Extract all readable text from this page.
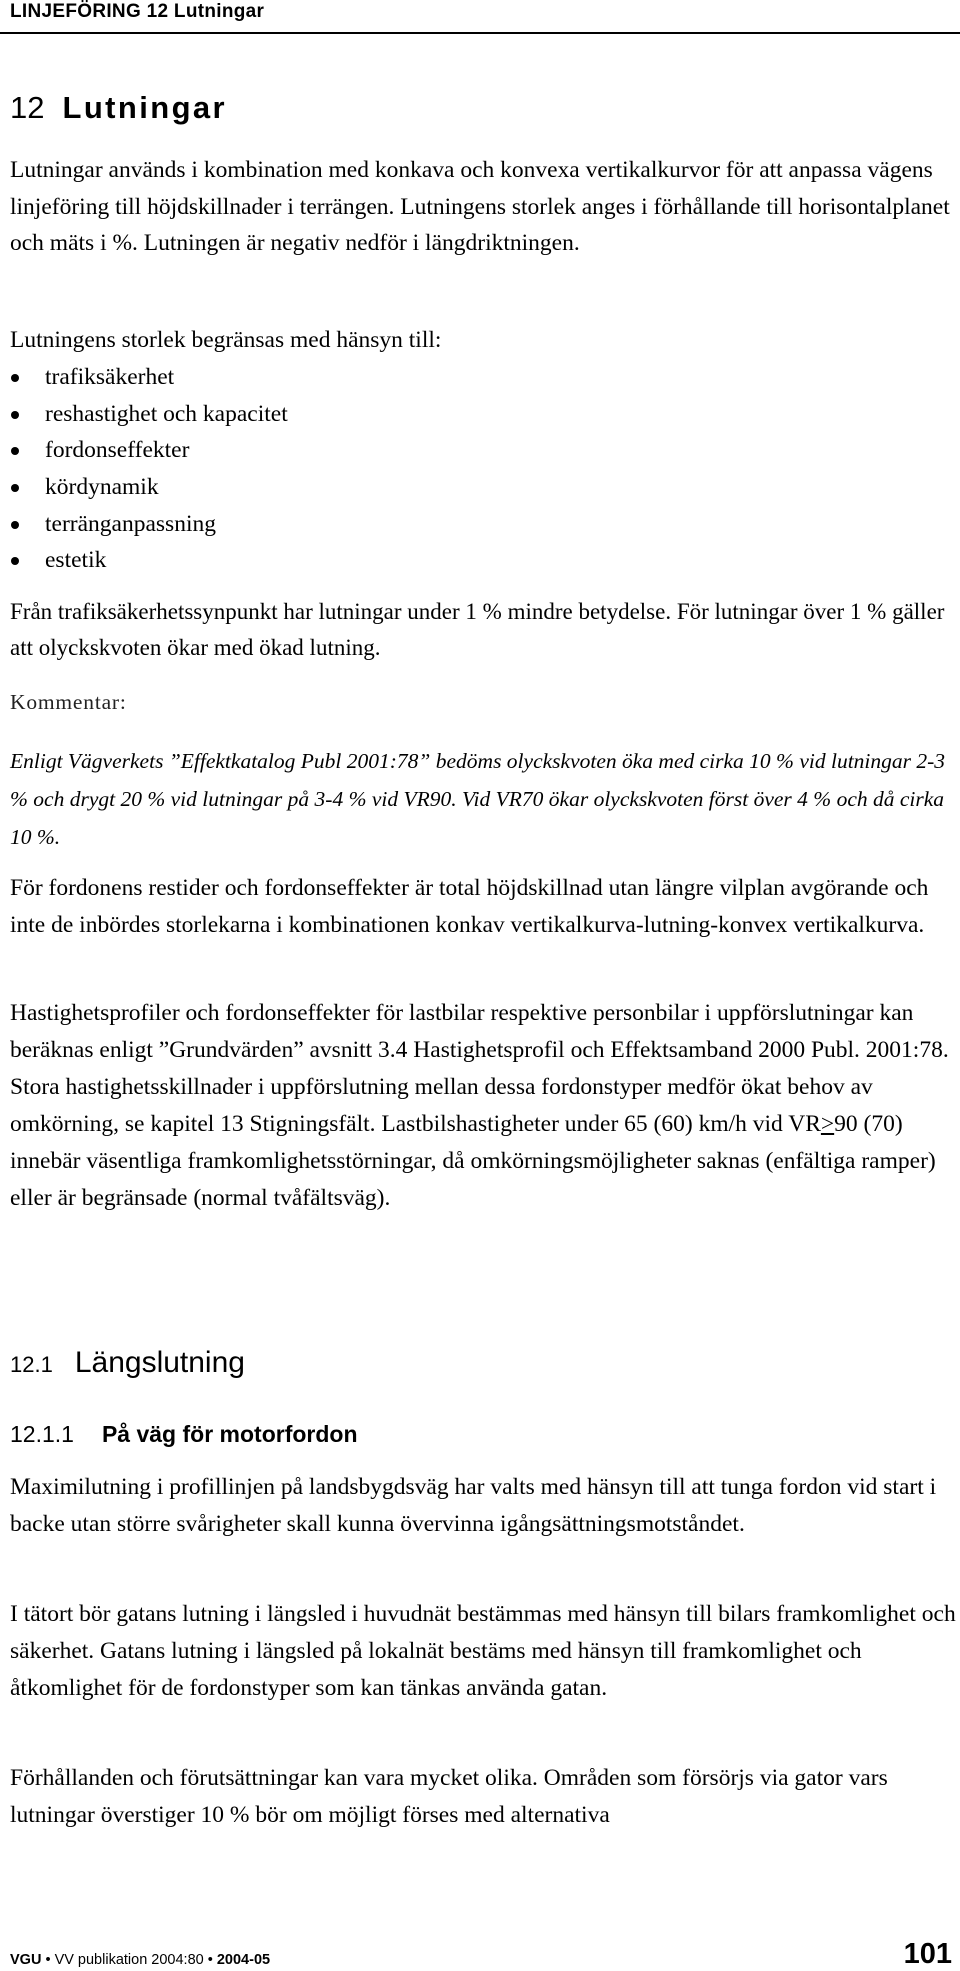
LINJEFÖRING 12 Lutningar
12 Lutningar

Lutningar används i kombination med konkava och konvexa vertikalkurvor för att anpassa vägens linjeföring till höjdskillnader i terrängen. Lutningens storlek anges i förhållande till horisontalplanet och mäts i %. Lutningen är negativ nedför i längdriktningen.

Lutningens storlek begränsas med hänsyn till:

trafiksäkerhet
reshastighet och kapacitet
fordonseffekter
kördynamik
terränganpassning
estetik

Från trafiksäkerhetssynpunkt har lutningar under 1 % mindre betydelse. För lutningar över 1 % gäller att olyckskvoten ökar med ökad lutning.

Kommentar:

Enligt Vägverkets ”Effektkatalog Publ 2001:78” bedöms olyckskvoten öka med cirka 10 % vid lutningar 2-3 % och drygt 20 % vid lutningar på 3-4 % vid VR90. Vid VR70 ökar olyckskvoten först över 4 % och då cirka 10 %.

För fordonens restider och fordonseffekter är total höjdskillnad utan längre vilplan avgörande och inte de inbördes storlekarna i kombinationen konkav vertikalkurva-lutning-konvex vertikalkurva.

Hastighetsprofiler och fordonseffekter för lastbilar respektive personbilar i uppförslutningar kan beräknas enligt ”Grundvärden” avsnitt 3.4 Hastighetsprofil och Effektsamband 2000 Publ. 2001:78. Stora hastighetsskillnader i uppförslutning mellan dessa fordonstyper medför ökat behov av omkörning, se kapitel 13 Stigningsfält. Lastbilshastigheter under 65 (60) km/h vid VR>90 (70) innebär väsentliga framkomlighetsstörningar, då omkörningsmöjligheter saknas (enfältiga ramper) eller är begränsade (normal tvåfältsväg).

12.1 Längslutning
12.1.1 På väg för motorfordon

Maximilutning i profillinjen på landsbygdsväg har valts med hänsyn till att tunga fordon vid start i backe utan större svårigheter skall kunna övervinna igångsättningsmotståndet.

I tätort bör gatans lutning i längsled i huvudnät bestämmas med hänsyn till bilars framkomlighet och säkerhet. Gatans lutning i längsled på lokalnät bestäms med hänsyn till framkomlighet och åtkomlighet för de fordonstyper som kan tänkas använda gatan.

Förhållanden och förutsättningar kan vara mycket olika. Områden som försörjs via gator vars lutningar överstiger 10 % bör om möjligt förses med alternativa

VGU • VV publikation 2004:80 • 2004-05	101
